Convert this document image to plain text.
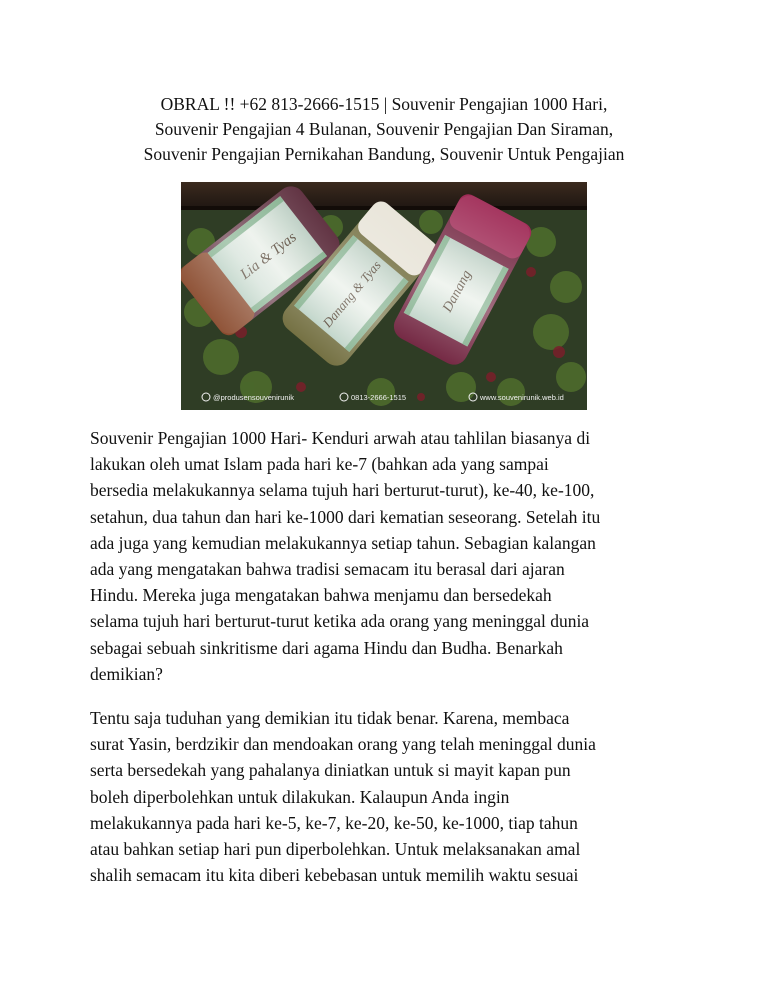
OBRAL !! +62 813-2666-1515 | Souvenir Pengajian 1000 Hari,
Souvenir Pengajian 4 Bulanan, Souvenir Pengajian Dan Siraman,
Souvenir Pengajian Pernikahan Bandung, Souvenir Untuk Pengajian
@produsensouvenirunik	0813-2666-1515	www.souvenirunik.web.id

Souvenir Pengajian 1000 Hari- Kenduri arwah atau tahlilan biasanya di
lakukan oleh umat Islam pada hari ke-7 (bahkan ada yang sampai
bersedia melakukannya selama tujuh hari berturut-turut), ke-40, ke-100,
setahun, dua tahun dan hari ke-1000 dari kematian seseorang. Setelah itu
ada juga yang kemudian melakukannya setiap tahun. Sebagian kalangan
ada yang mengatakan bahwa tradisi semacam itu berasal dari ajaran
Hindu. Mereka juga mengatakan bahwa menjamu dan bersedekah
selama tujuh hari berturut-turut ketika ada orang yang meninggal dunia
sebagai sebuah sinkritisme dari agama Hindu dan Budha. Benarkah
demikian?

Tentu saja tuduhan yang demikian itu tidak benar. Karena, membaca
surat Yasin, berdzikir dan mendoakan orang yang telah meninggal dunia
serta bersedekah yang pahalanya diniatkan untuk si mayit kapan pun
boleh diperbolehkan untuk dilakukan. Kalaupun Anda ingin
melakukannya pada hari ke-5, ke-7, ke-20, ke-50, ke-1000, tiap tahun
atau bahkan setiap hari pun diperbolehkan. Untuk melaksanakan amal
shalih semacam itu kita diberi kebebasan untuk memilih waktu sesuai
